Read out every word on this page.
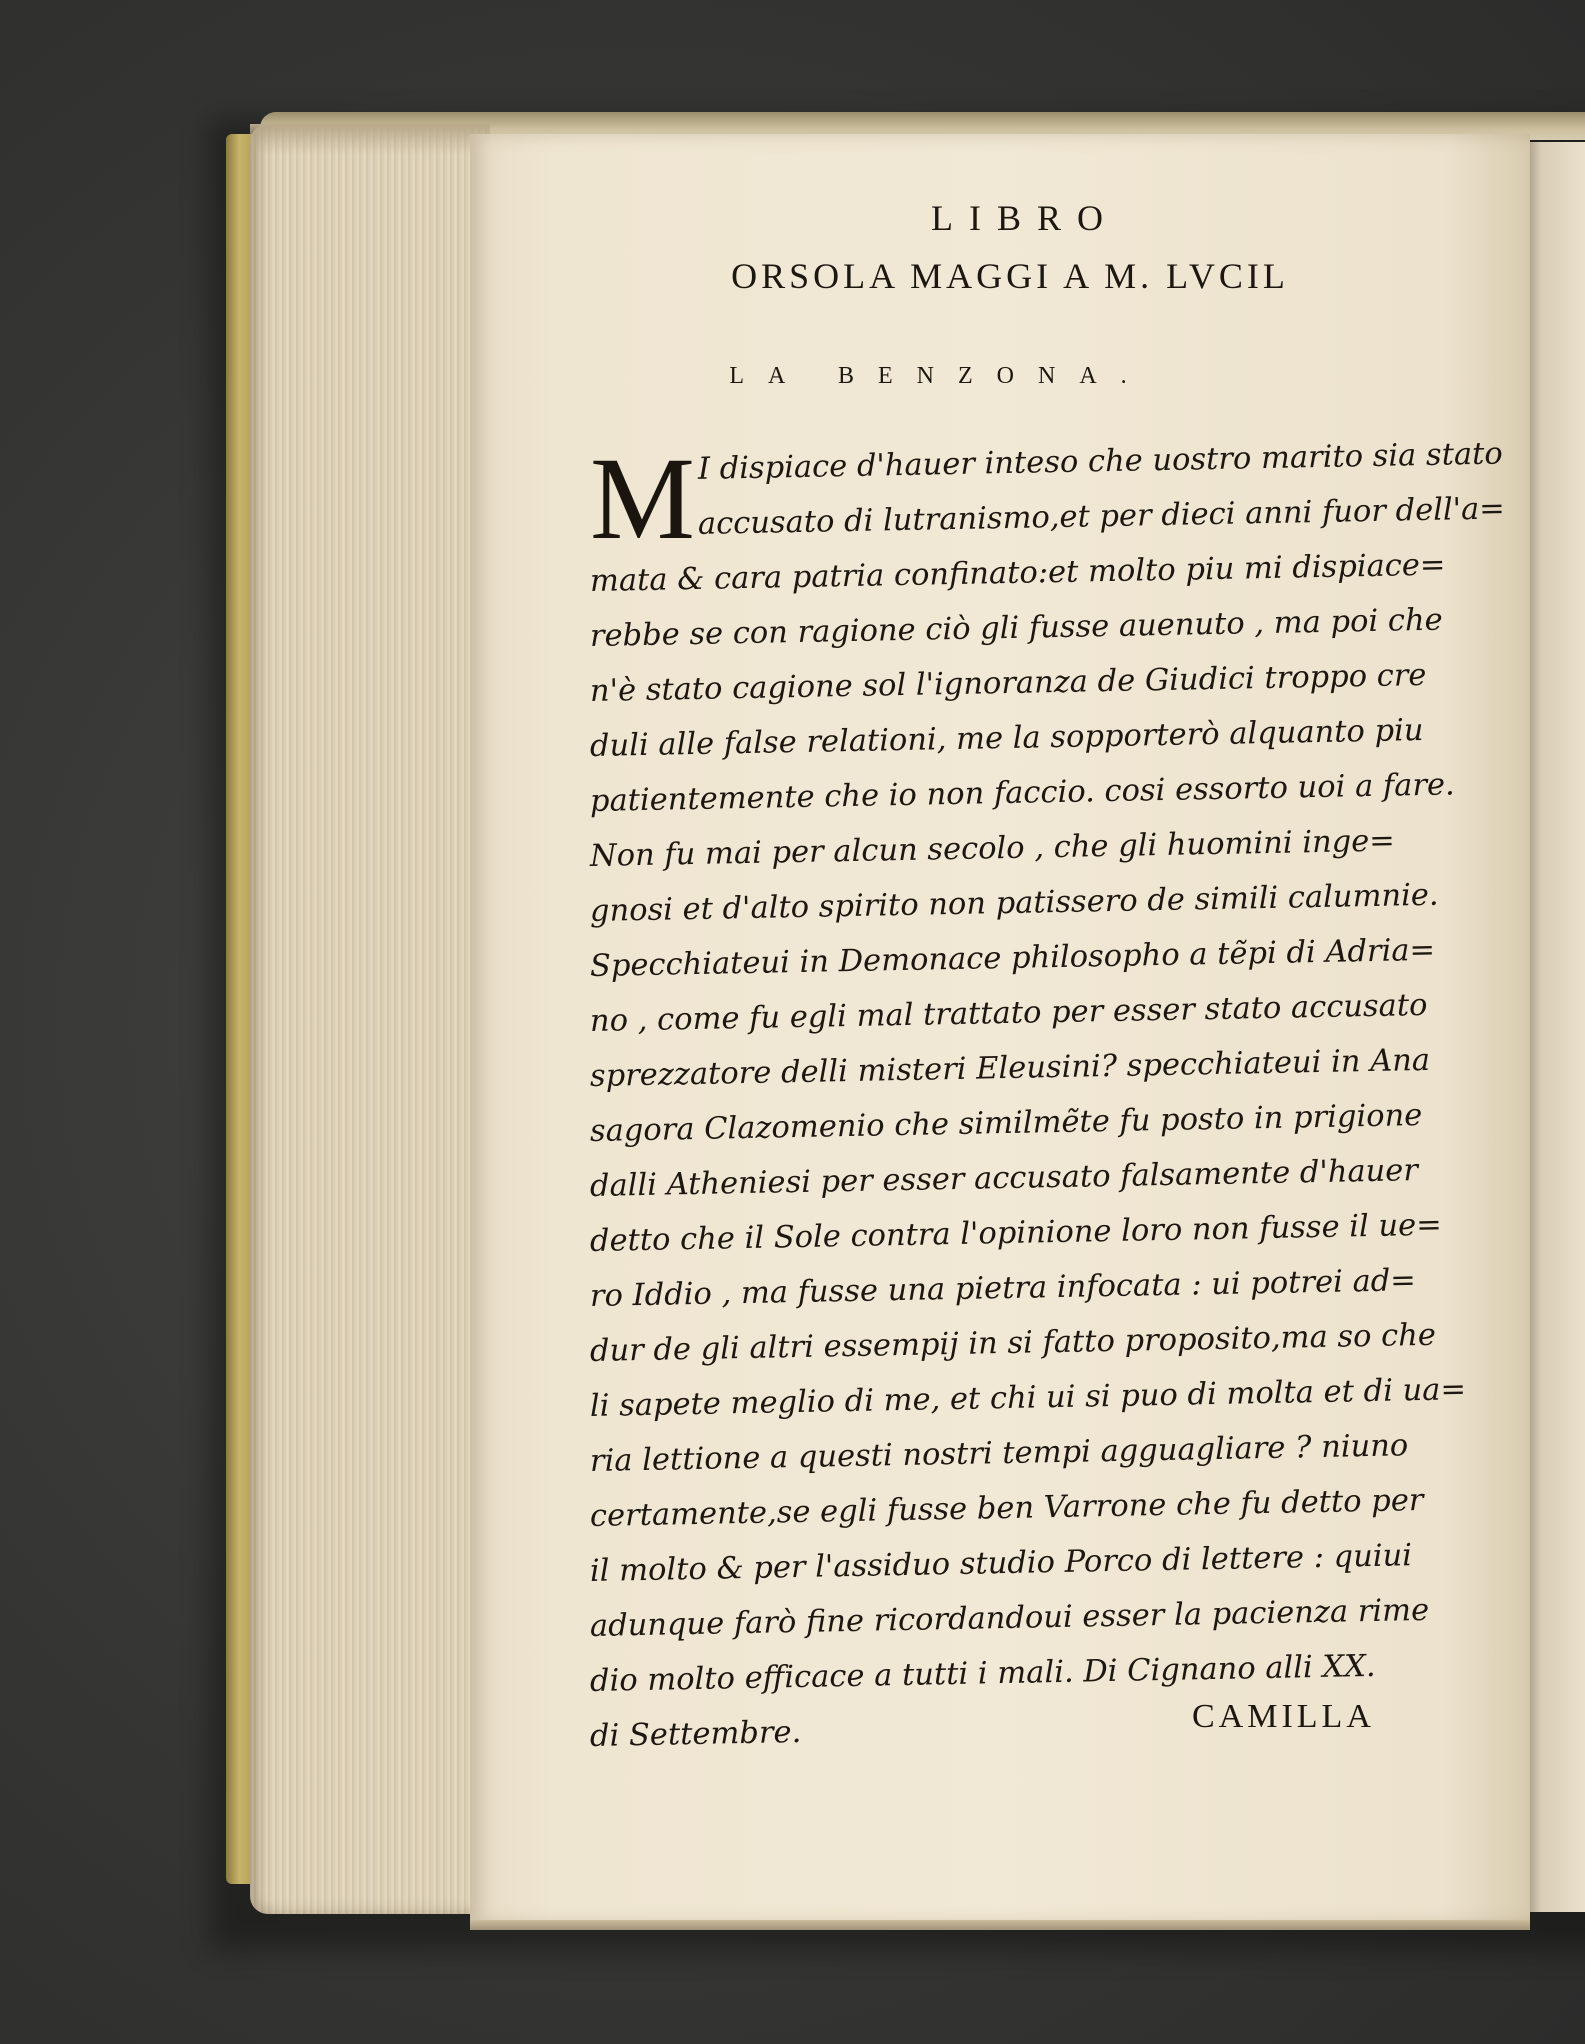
LIBRO
ORSOLA MAGGI A M. LVCIL
LA BENZONA.
M I dispiace d'hauer inteso che uostro marito sia stato
accusato di lutranismo,et per dieci anni fuor dell'a=
mata & cara patria confinato:et molto piu mi dispiace=
rebbe se con ragione ciò gli fusse auenuto , ma poi che
n'è stato cagione sol l'ignoranza de Giudici troppo cre
duli alle false relationi, me la sopporterò alquanto piu
patientemente che io non faccio. cosi essorto uoi a fare.
Non fu mai per alcun secolo , che gli huomini inge=
gnosi et d'alto spirito non patissero de simili calumnie.
Specchiateui in Demonace philosopho a tẽpi di Adria=
no , come fu egli mal trattato per esser stato accusato
sprezzatore delli misteri Eleusini? specchiateui in Ana
sagora Clazomenio che similmẽte fu posto in prigione
dalli Atheniesi per esser accusato falsamente d'hauer
detto che il Sole contra l'opinione loro non fusse il ue=
ro Iddio , ma fusse una pietra infocata : ui potrei ad=
dur de gli altri essempij in si fatto proposito,ma so che
li sapete meglio di me, et chi ui si puo di molta et di ua=
ria lettione a questi nostri tempi agguagliare ? niuno
certamente,se egli fusse ben Varrone che fu detto per
il molto & per l'assiduo studio Porco di lettere : quiui
adunque farò fine ricordandoui esser la pacienza rime
dio molto efficace a tutti i mali. Di Cignano alli XX.
di Settembre.	CAMILLA
